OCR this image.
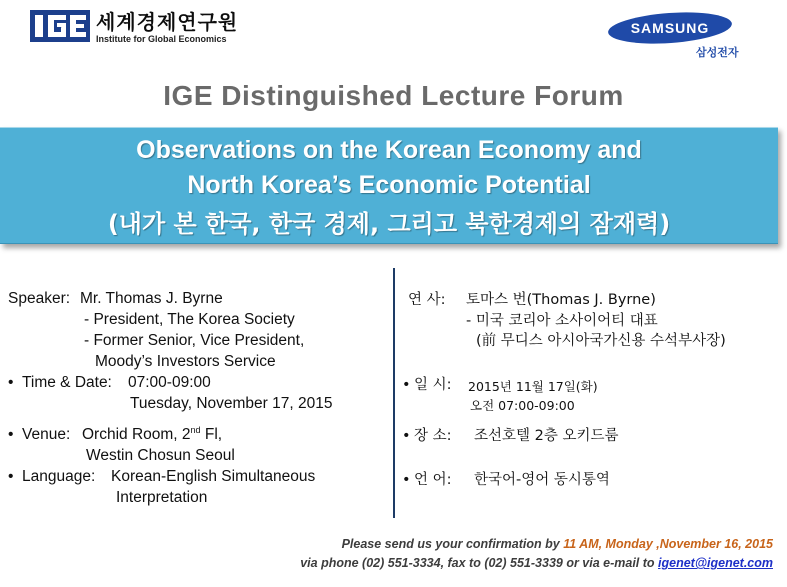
IGE 세계경제연구원
Institute for Global Economics
SAMSUNG
삼성전자
IGE Distinguished Lecture Forum
Observations on the Korean Economy and
North Korea’s Economic Potential
(내가 본 한국, 한국 경제, 그리고 북한경제의 잠재력)
Speaker: Mr. Thomas J. Byrne
- President, The Korea Society
- Former Senior, Vice President,
Moody’s Investors Service
• Time & Date: 07:00-09:00
Tuesday, November 17, 2015
• Venue: Orchid Room, 2nd Fl,
Westin Chosun Seoul
• Language: Korean-English Simultaneous
Interpretation
연 사: 토마스 번(Thomas J. Byrne)
- 미국 코리아 소사이어티 대표
(前 무디스 아시아국가신용 수석부사장)
• 일 시: 2015년 11월 17일(화)
오전 07:00-09:00
• 장 소: 조선호텔 2층 오키드룸
• 언 어: 한국어-영어 동시통역
Please send us your confirmation by 11 AM, Monday ,November 16, 2015
via phone (02) 551-3334, fax to (02) 551-3339 or via e-mail to igenet@igenet.com
